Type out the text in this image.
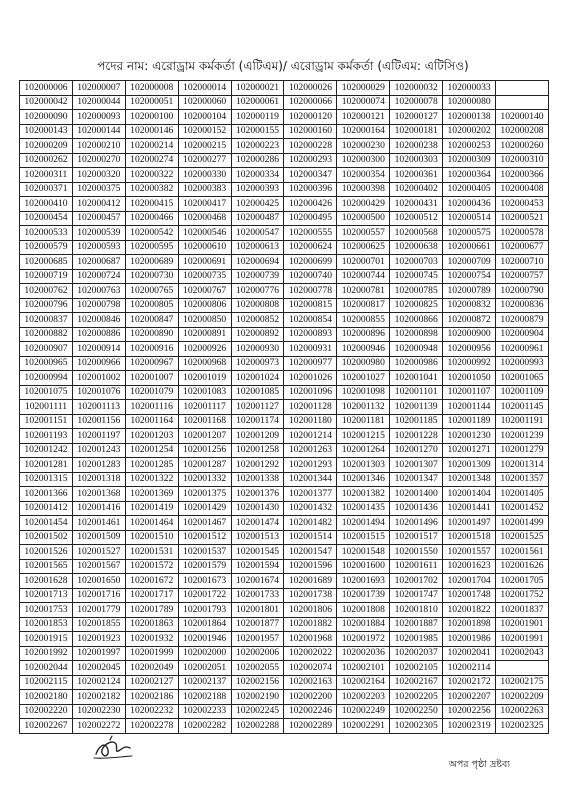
পদের নাম: এরোড্রাম কর্মকর্তা (এটিএম)/ এরোড্রাম কর্মকর্তা (এটিএম: এটিসিও)
102000006	102000007	102000008	102000014	102000021	102000026	102000029	102000032	102000033	
102000042	102000044	102000051	102000060	102000061	102000066	102000074	102000078	102000080	
102000090	102000093	102000100	102000104	102000119	102000120	102000121	102000127	102000138	102000140
102000143	102000144	102000146	102000152	102000155	102000160	102000164	102000181	102000202	102000208
102000209	102000210	102000214	102000215	102000223	102000228	102000230	102000238	102000253	102000260
102000262	102000270	102000274	102000277	102000286	102000293	102000300	102000303	102000309	102000310
102000311	102000320	102000322	102000330	102000334	102000347	102000354	102000361	102000364	102000366
102000371	102000375	102000382	102000383	102000393	102000396	102000398	102000402	102000405	102000408
102000410	102000412	102000415	102000417	102000425	102000426	102000429	102000431	102000436	102000453
102000454	102000457	102000466	102000468	102000487	102000495	102000500	102000512	102000514	102000521
102000533	102000539	102000542	102000546	102000547	102000555	102000557	102000568	102000575	102000578
102000579	102000593	102000595	102000610	102000613	102000624	102000625	102000638	102000661	102000677
102000685	102000687	102000689	102000691	102000694	102000699	102000701	102000703	102000709	102000710
102000719	102000724	102000730	102000735	102000739	102000740	102000744	102000745	102000754	102000757
102000762	102000763	102000765	102000767	102000776	102000778	102000781	102000785	102000789	102000790
102000796	102000798	102000805	102000806	102000808	102000815	102000817	102000825	102000832	102000836
102000837	102000846	102000847	102000850	102000852	102000854	102000855	102000866	102000872	102000879
102000882	102000886	102000890	102000891	102000892	102000893	102000896	102000898	102000900	102000904
102000907	102000914	102000916	102000926	102000930	102000931	102000946	102000948	102000956	102000961
102000965	102000966	102000967	102000968	102000973	102000977	102000980	102000986	102000992	102000993
102000994	102001002	102001007	102001019	102001024	102001026	102001027	102001041	102001050	102001065
102001075	102001076	102001079	102001083	102001085	102001096	102001098	102001101	102001107	102001109
102001111	102001113	102001116	102001117	102001127	102001128	102001132	102001139	102001144	102001145
102001151	102001156	102001164	102001168	102001174	102001180	102001181	102001185	102001189	102001191
102001193	102001197	102001203	102001207	102001209	102001214	102001215	102001228	102001230	102001239
102001242	102001243	102001254	102001256	102001258	102001263	102001264	102001270	102001271	102001279
102001281	102001283	102001285	102001287	102001292	102001293	102001303	102001307	102001309	102001314
102001315	102001318	102001322	102001332	102001338	102001344	102001346	102001347	102001348	102001357
102001366	102001368	102001369	102001375	102001376	102001377	102001382	102001400	102001404	102001405
102001412	102001416	102001419	102001429	102001430	102001432	102001435	102001436	102001441	102001452
102001454	102001461	102001464	102001467	102001474	102001482	102001494	102001496	102001497	102001499
102001502	102001509	102001510	102001512	102001513	102001514	102001515	102001517	102001518	102001525
102001526	102001527	102001531	102001537	102001545	102001547	102001548	102001550	102001557	102001561
102001565	102001567	102001572	102001579	102001594	102001596	102001600	102001611	102001623	102001626
102001628	102001650	102001672	102001673	102001674	102001689	102001693	102001702	102001704	102001705
102001713	102001716	102001717	102001722	102001733	102001738	102001739	102001747	102001748	102001752
102001753	102001779	102001789	102001793	102001801	102001806	102001808	102001810	102001822	102001837
102001853	102001855	102001863	102001864	102001877	102001882	102001884	102001887	102001898	102001901
102001915	102001923	102001932	102001946	102001957	102001968	102001972	102001985	102001986	102001991
102001992	102001997	102001999	102002000	102002006	102002022	102002036	102002037	102002041	102002043
102002044	102002045	102002049	102002051	102002055	102002074	102002101	102002105	102002114	
102002115	102002124	102002127	102002137	102002156	102002163	102002164	102002167	102002172	102002175
102002180	102002182	102002186	102002188	102002190	102002200	102002203	102002205	102002207	102002209
102002220	102002230	102002232	102002233	102002245	102002246	102002249	102002250	102002256	102002263
102002267	102002272	102002278	102002282	102002288	102002289	102002291	102002305	102002319	102002325
অপর পৃষ্ঠা দ্রষ্টব্য
